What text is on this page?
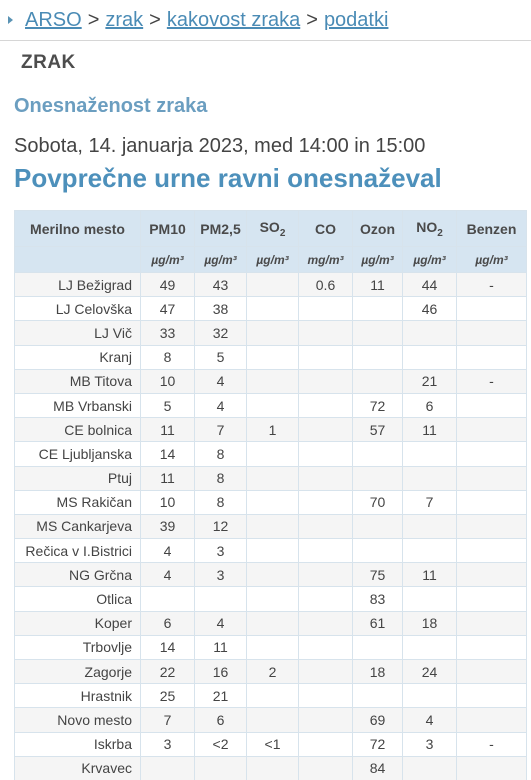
ARSO > zrak > kakovost zraka > podatki
ZRAK
Onesnaženost zraka
Sobota, 14. januarja 2023, med 14:00 in 15:00
Povprečne urne ravni onesnaževal
Merilno mesto	PM10	PM2,5	$SO_2$	CO	Ozon	$NO_2$	Benzen
	µg/m³	µg/m³	µg/m³	mg/m³	µg/m³	µg/m³	µg/m³
LJ Bežigrad	49	43		0.6	11	44	-
LJ Celovška	47	38				46	
LJ Vič	33	32					
Kranj	8	5					
MB Titova	10	4				21	-
MB Vrbanski	5	4			72	6	
CE bolnica	11	7	1		57	11	
CE Ljubljanska	14	8					
Ptuj	11	8					
MS Rakičan	10	8			70	7	
MS Cankarjeva	39	12					
Rečica v I.Bistrici	4	3					
NG Grčna	4	3			75	11	
Otlica					83		
Koper	6	4			61	18	
Trbovlje	14	11					
Zagorje	22	16	2		18	24	
Hrastnik	25	21					
Novo mesto	7	6			69	4	
Iskrba	3	<2	<1		72	3	-
Krvavec					84		
